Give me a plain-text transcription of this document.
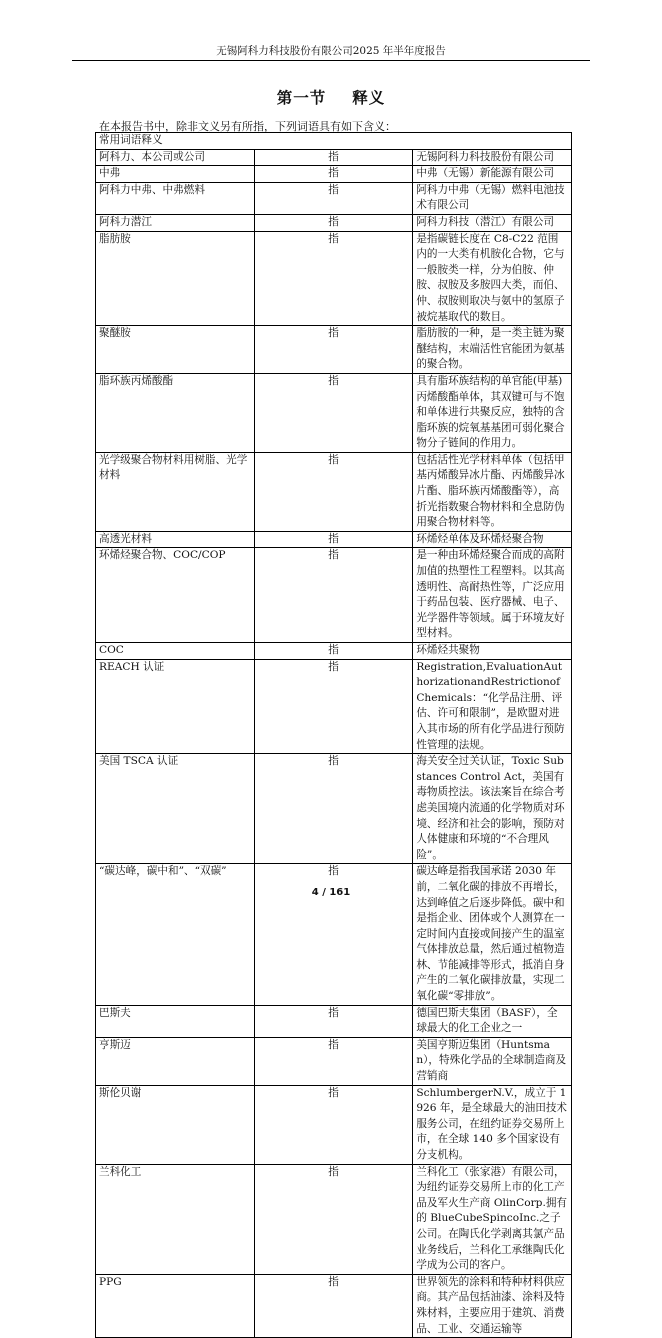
无锡阿科力科技股份有限公司2025 年半年度报告
第一节 释义
在本报告书中，除非文义另有所指，下列词语具有如下含义：
常用词语释义		
阿科力、本公司或公司	指	无锡阿科力科技股份有限公司
中弗	指	中弗（无锡）新能源有限公司
阿科力中弗、中弗燃料	指	阿科力中弗（无锡）燃料电池技术有限公司
阿科力潜江	指	阿科力科技（潜江）有限公司
脂肪胺	指	是指碳链长度在 C8-C22 范围内的一大类有机胺化合物，它与一般胺类一样，分为伯胺、仲胺、叔胺及多胺四大类，而伯、仲、叔胺则取决与氨中的氢原子被烷基取代的数目。
聚醚胺	指	脂肪胺的一种，是一类主链为聚醚结构，末端活性官能团为氨基的聚合物。
脂环族丙烯酸酯	指	具有脂环族结构的单官能(甲基)丙烯酸酯单体，其双键可与不饱和单体进行共聚反应，独特的含脂环族的烷氧基基团可弱化聚合物分子链间的作用力。
光学级聚合物材料用树脂、光学材料	指	包括活性光学材料单体（包括甲基丙烯酸异冰片酯、丙烯酸异冰片酯、脂环族丙烯酸酯等），高折光指数聚合物材料和全息防伪用聚合物材料等。
高透光材料	指	环烯烃单体及环烯烃聚合物
环烯烃聚合物、COC/COP	指	是一种由环烯烃聚合而成的高附加值的热塑性工程塑料。以其高透明性、高耐热性等，广泛应用于药品包装、医疗器械、电子、光学器件等领域。属于环境友好型材料。
COC	指	环烯烃共聚物
REACH 认证	指	Registration,EvaluationAuthorizationandRestrictionofChemicals：“化学品注册、评估、许可和限制”，是欧盟对进入其市场的所有化学品进行预防性管理的法规。
美国 TSCA 认证	指	海关安全过关认证，Toxic Substances Control Act，美国有毒物质控法。该法案旨在综合考虑美国境内流通的化学物质对环境、经济和社会的影响，预防对人体健康和环境的“不合理风险”。
“碳达峰，碳中和”、“双碳”	指	碳达峰是指我国承诺 2030 年前，二氧化碳的排放不再增长，达到峰值之后逐步降低。碳中和是指企业、团体或个人测算在一定时间内直接或间接产生的温室气体排放总量，然后通过植物造林、节能减排等形式，抵消自身产生的二氧化碳排放量，实现二氧化碳“零排放”。
巴斯夫	指	德国巴斯夫集团（BASF），全球最大的化工企业之一
亨斯迈	指	美国亨斯迈集团（Huntsman），特殊化学品的全球制造商及营销商
斯伦贝谢	指	SchlumbergerN.V.，成立于 1926 年，是全球最大的油田技术服务公司，在纽约证券交易所上市，在全球 140 多个国家设有分支机构。
兰科化工	指	兰科化工（张家港）有限公司，为纽约证券交易所上市的化工产品及军火生产商 OlinCorp.拥有的 BlueCubeSpincoInc.之子公司。在陶氏化学剥离其氯产品业务线后，兰科化工承继陶氏化学成为公司的客户。
PPG	指	世界领先的涂料和特种材料供应商。其产品包括油漆、涂料及特殊材料，主要应用于建筑、消费品、工业、交通运输等
4 / 161
